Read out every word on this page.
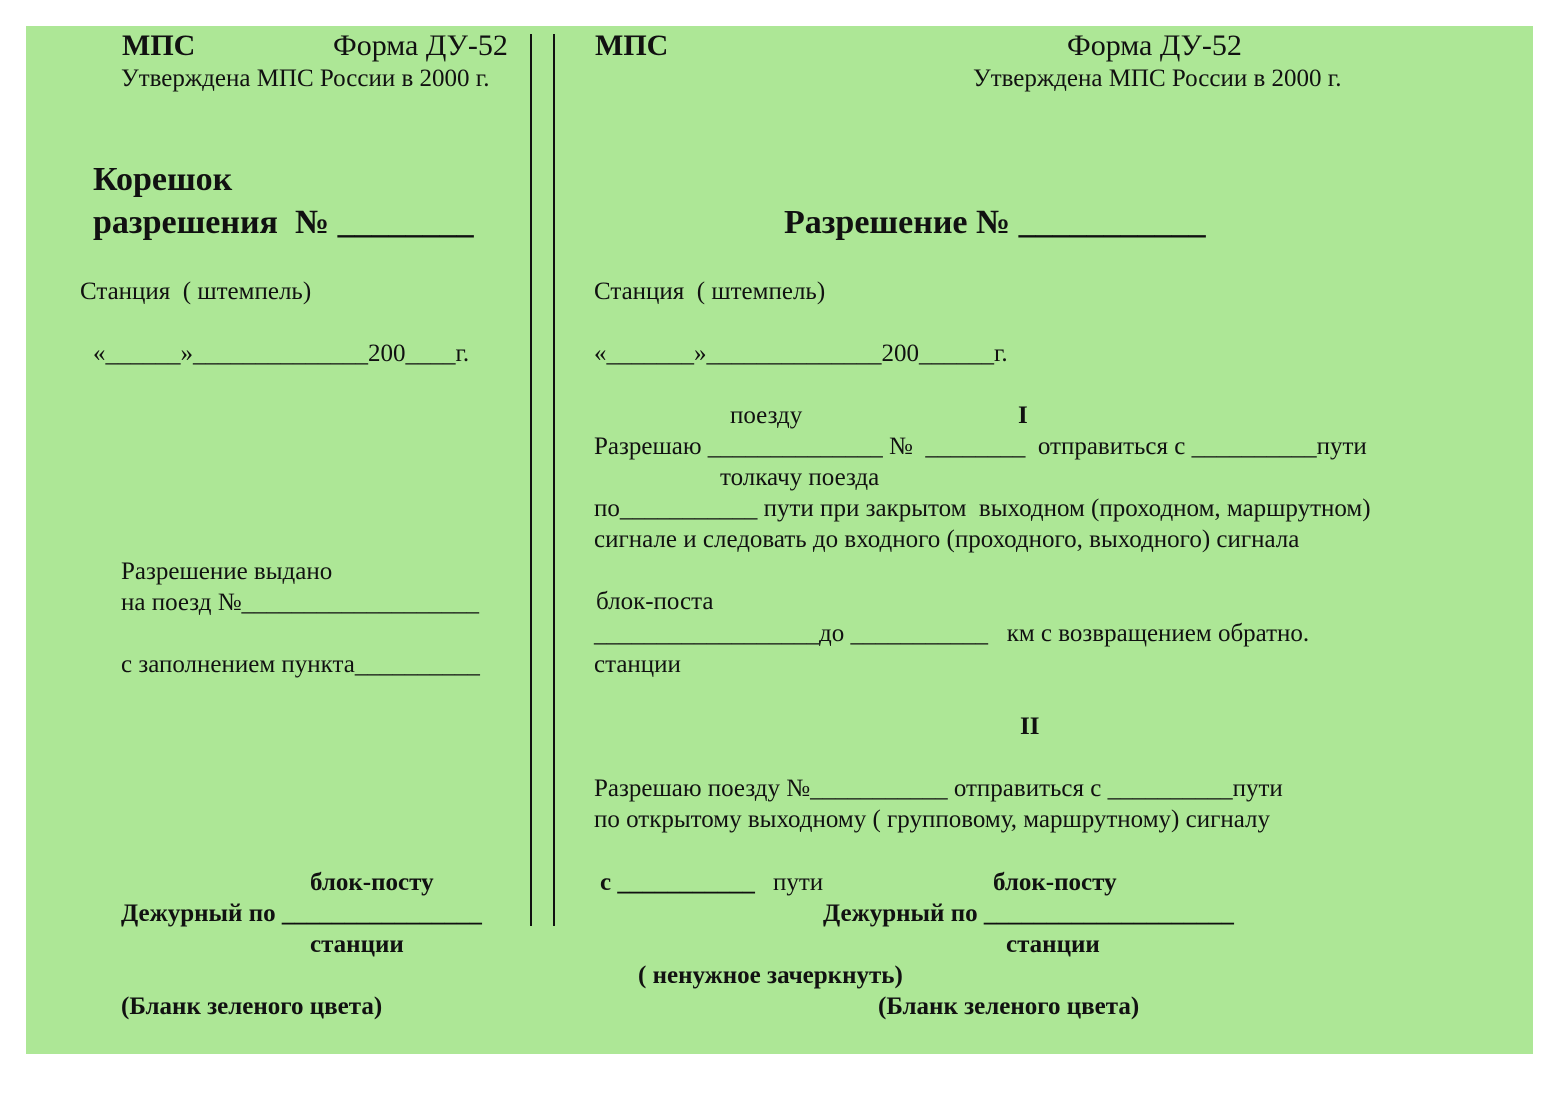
МПС	Форма ДУ-52
Утверждена МПС России в 2000 г.
Корешок
разрешения  № ________
Станция  ( штемпель)
«______»______________200____г.
Разрешение выдано
на поезд №___________________
с заполнением пункта__________
блок-посту
Дежурный по ________________
станции
(Бланк зеленого цвета)
МПС	Форма ДУ-52
Утверждена МПС России в 2000 г.
Разрешение № ___________
Станция  ( штемпель)
«_______»______________200______г.
поезду	I
Разрешаю ______________ №  ________  отправиться с __________пути
толкачу поезда
по___________ пути при закрытом  выходном (проходном, маршрутном)
сигнале и следовать до входного (проходного, выходного) сигнала
блок-поста
__________________до ___________   км с возвращением обратно.
станции
II
Разрешаю поезду №___________ отправиться с __________пути
по открытому выходному ( групповому, маршрутному) сигналу
с ___________ пути	блок-посту
Дежурный по ____________________
станции
( ненужное зачеркнуть)
(Бланк зеленого цвета)
